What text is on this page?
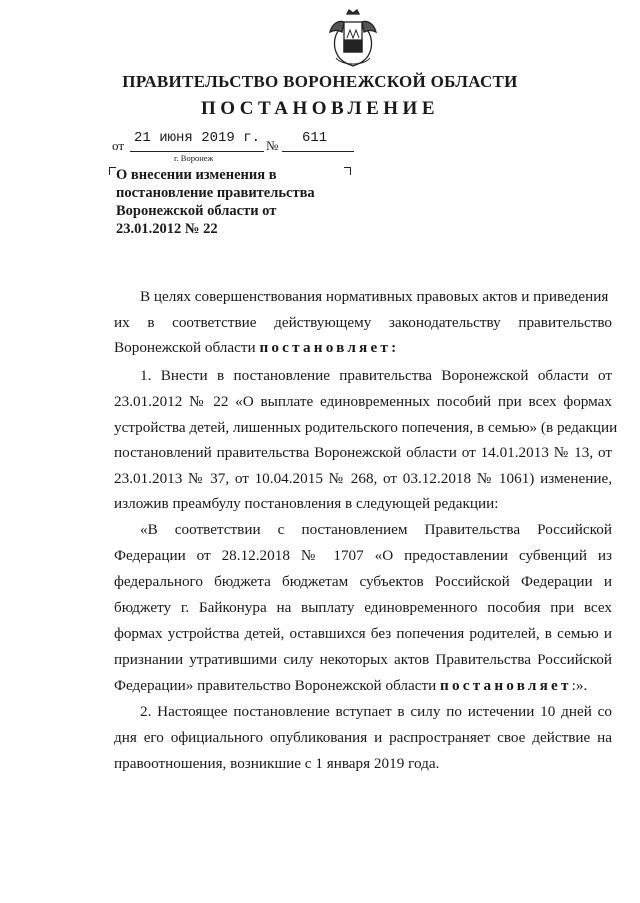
ПРАВИТЕЛЬСТВО ВОРОНЕЖСКОЙ ОБЛАСТИ
ПОСТАНОВЛЕНИЕ
от 21 июня 2019 г. № 611
г. Воронеж
О внесении изменения в
постановление правительства
Воронежской области от
23.01.2012 № 22
В целях совершенствования нормативных правовых актов и приведения
их в соответствие действующему законодательству правительство
Воронежской области постановляет:
1. Внести в постановление правительства Воронежской области от
23.01.2012 № 22 «О выплате единовременных пособий при всех формах
устройства детей, лишенных родительского попечения, в семью» (в редакции
постановлений правительства Воронежской области от 14.01.2013 № 13, от
23.01.2013 № 37, от 10.04.2015 № 268, от 03.12.2018 № 1061) изменение,
изложив преамбулу постановления в следующей редакции:
«В соответствии с постановлением Правительства Российской
Федерации от 28.12.2018 № 1707 «О предоставлении субвенций из
федерального бюджета бюджетам субъектов Российской Федерации и
бюджету г. Байконура на выплату единовременного пособия при всех
формах устройства детей, оставшихся без попечения родителей, в семью и
признании утратившими силу некоторых актов Правительства Российской
Федерации» правительство Воронежской области постановляет:».
2. Настоящее постановление вступает в силу по истечении 10 дней со
дня его официального опубликования и распространяет свое действие на
правоотношения, возникшие с 1 января 2019 года.
